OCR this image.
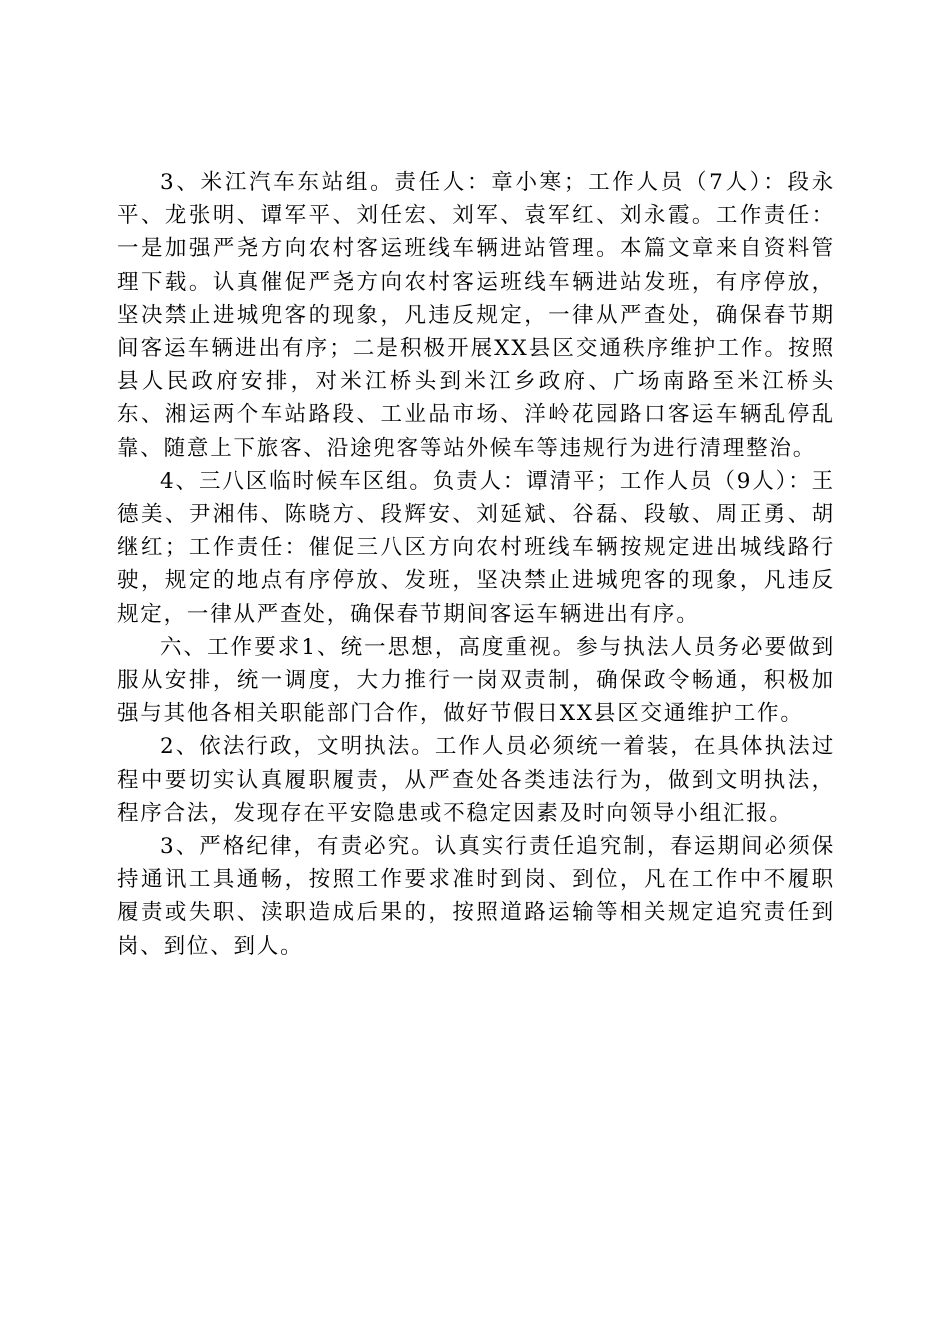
3、米江汽车东站组。责任人：章小寒；工作人员（7人）：段永平、龙张明、谭军平、刘任宏、刘军、袁军红、刘永霞。工作责任：一是加强严尧方向农村客运班线车辆进站管理。本篇文章来自资料管理下载。认真催促严尧方向农村客运班线车辆进站发班，有序停放，坚决禁止进城兜客的现象，凡违反规定，一律从严查处，确保春节期间客运车辆进出有序；二是积极开展XX县区交通秩序维护工作。按照县人民政府安排，对米江桥头到米江乡政府、广场南路至米江桥头东、湘运两个车站路段、工业品市场、洋岭花园路口客运车辆乱停乱靠、随意上下旅客、沿途兜客等站外候车等违规行为进行清理整治。

4、三八区临时候车区组。负责人：谭清平；工作人员（9人）：王德美、尹湘伟、陈晓方、段辉安、刘延斌、谷磊、段敏、周正勇、胡继红；工作责任：催促三八区方向农村班线车辆按规定进出城线路行驶，规定的地点有序停放、发班，坚决禁止进城兜客的现象，凡违反规定，一律从严查处，确保春节期间客运车辆进出有序。

六、工作要求1、统一思想，高度重视。参与执法人员务必要做到服从安排，统一调度，大力推行一岗双责制，确保政令畅通，积极加强与其他各相关职能部门合作，做好节假日XX县区交通维护工作。

2、依法行政，文明执法。工作人员必须统一着装，在具体执法过程中要切实认真履职履责，从严查处各类违法行为，做到文明执法，程序合法，发现存在平安隐患或不稳定因素及时向领导小组汇报。

3、严格纪律，有责必究。认真实行责任追究制，春运期间必须保持通讯工具通畅，按照工作要求准时到岗、到位，凡在工作中不履职履责或失职、渎职造成后果的，按照道路运输等相关规定追究责任到岗、到位、到人。
